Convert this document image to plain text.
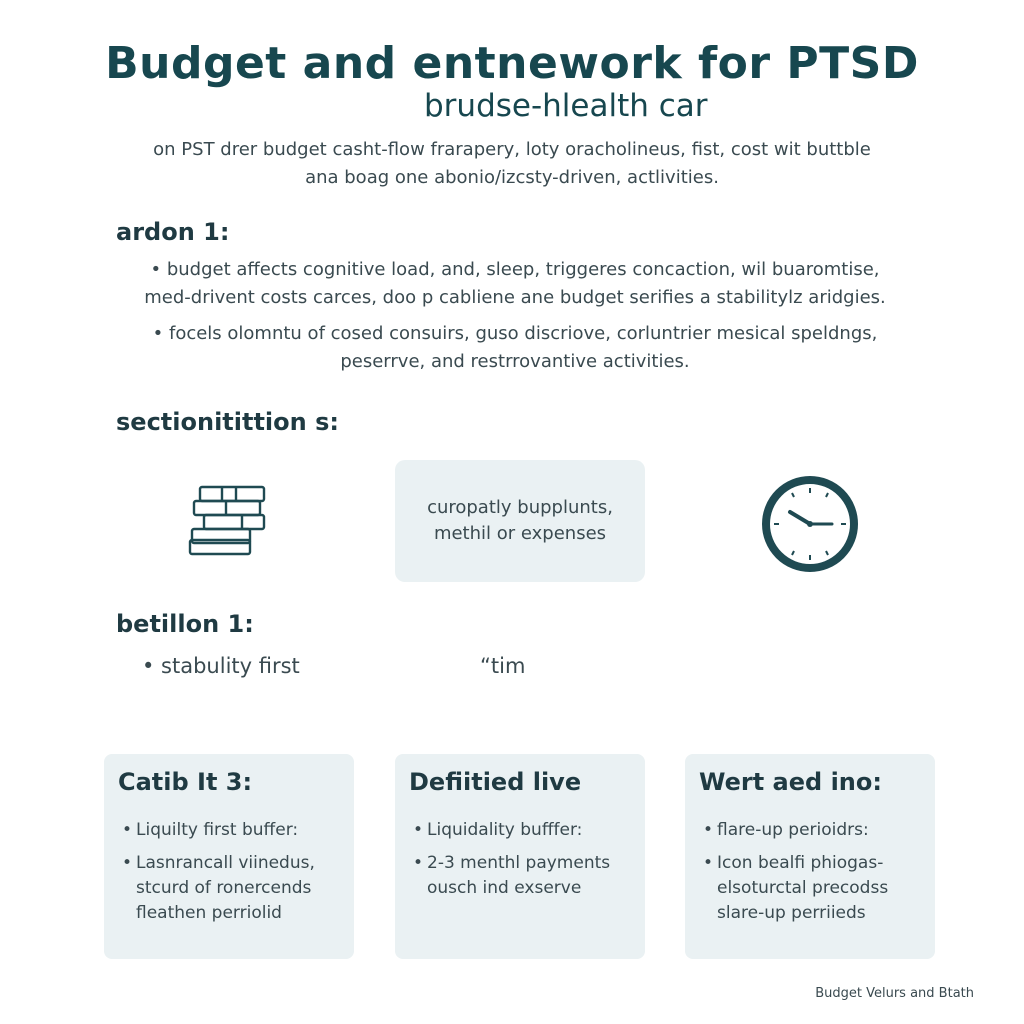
Budget and entnework for PTSD
brudse-hlealth car
on PST drer budget casht-flow frarapery, loty oracholineus, fist, cost wit buttble
ana boag one abonio/izcsty-driven, actlivities.
ardon 1:
• budget affects cognitive load, and, sleep, triggeres concaction, wil buaromtise,
med-drivent costs carces, doo p cabliene ane budget serifies a stabilitylz aridgies.
• focels olomntu of cosed consuirs, guso discriove, corluntrier mesical speldngs,
peserrve, and restrrovantive activities.
sectionitittion s:
curopatly bupplunts,
methil or expenses
betillon 1:
• stabulity first	“tim
Catib It 3:
• Liquilty first buffer:
• Lasnrancall viinedus,
stcurd of ronercends
fleathen perriolid
Defiitied live
• Liquidality bufffer:
• 2-3 menthl payments
ousch ind exserve
Wert aed ino:
• flare-up perioidrs:
• Icon bealfi phiogas-
elsoturctal precodss
slare-up perriieds
Budget Velurs and Btath
